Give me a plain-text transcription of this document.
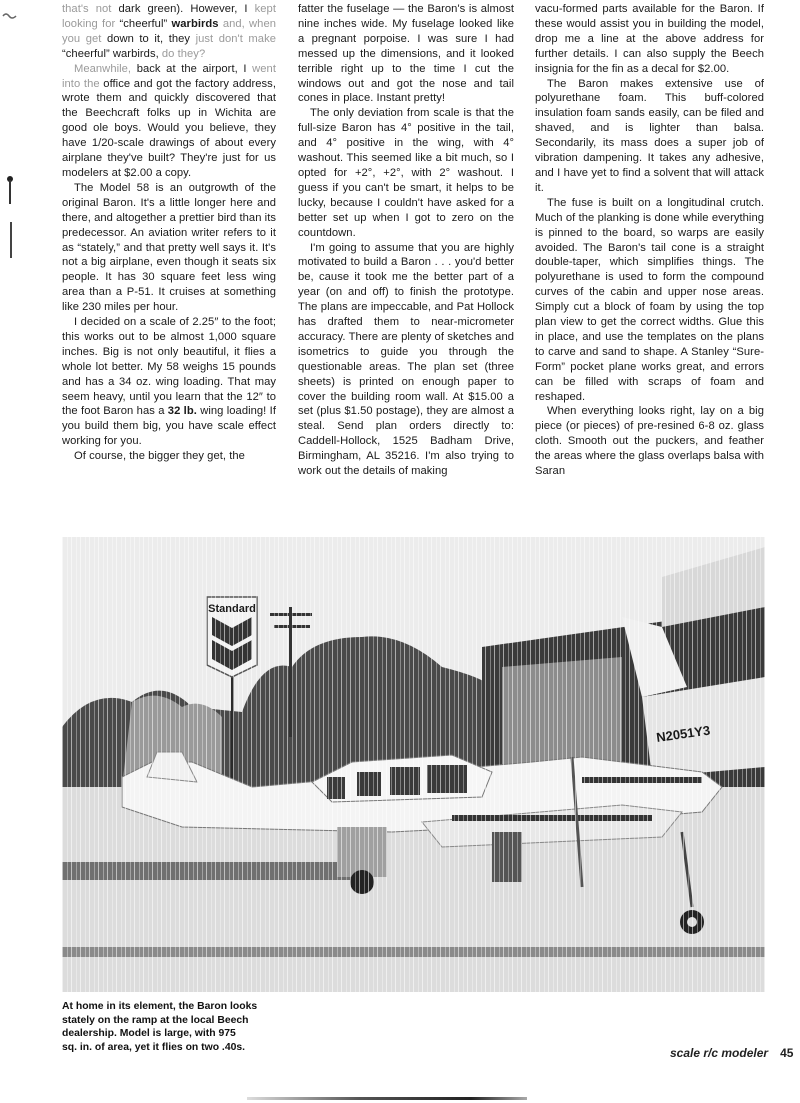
that's not dark green). However, I kept looking for “cheerful” warbirds and, when you get down to it, they just don't make “cheerful” warbirds, do they?

Meanwhile, back at the airport, I went into the office and got the factory address, wrote them and quickly discovered that the Beechcraft folks up in Wichita are good ole boys. Would you believe, they have 1/20-scale drawings of about every airplane they've built? They're just for us modelers at $2.00 a copy.

The Model 58 is an outgrowth of the original Baron. It's a little longer here and there, and altogether a prettier bird than its predecessor. An aviation writer refers to it as “stately,” and that pretty well says it. It's not a big airplane, even though it seats six people. It has 30 square feet less wing area than a P-51. It cruises at something like 230 miles per hour.

I decided on a scale of 2.25″ to the foot; this works out to be almost 1,000 square inches. Big is not only beautiful, it flies a whole lot better. My 58 weighs 15 pounds and has a 34 oz. wing loading. That may seem heavy, until you learn that the 12″ to the foot Baron has a 32 lb. wing loading! If you build them big, you have scale effect working for you.

Of course, the bigger they get, the

fatter the fuselage — the Baron's is almost nine inches wide. My fuselage looked like a pregnant porpoise. I was sure I had messed up the dimensions, and it looked terrible right up to the time I cut the windows out and got the nose and tail cones in place. Instant pretty!

The only deviation from scale is that the full-size Baron has 4° positive in the tail, and 4° positive in the wing, with 4° washout. This seemed like a bit much, so I opted for +2°, +2°, with 2° washout. I guess if you can't be smart, it helps to be lucky, because I couldn't have asked for a better set up when I got to zero on the countdown.

I'm going to assume that you are highly motivated to build a Baron . . . you'd better be, cause it took me the better part of a year (on and off) to finish the prototype. The plans are impeccable, and Pat Hollock has drafted them to near-micrometer accuracy. There are plenty of sketches and isometrics to guide you through the questionable areas. The plan set (three sheets) is printed on enough paper to cover the building room wall. At $15.00 a set (plus $1.50 postage), they are almost a steal. Send plan orders directly to: Caddell-Hollock, 1525 Badham Drive, Birmingham, AL 35216. I'm also trying to work out the details of making

vacu-formed parts available for the Baron. If these would assist you in building the model, drop me a line at the above address for further details. I can also supply the Beech insignia for the fin as a decal for $2.00.

The Baron makes extensive use of polyurethane foam. This buff-colored insulation foam sands easily, can be filed and shaved, and is lighter than balsa. Secondarily, its mass does a super job of vibration dampening. It takes any adhesive, and I have yet to find a solvent that will attack it.

The fuse is built on a longitudinal crutch. Much of the planking is done while everything is pinned to the board, so warps are easily avoided. The Baron's tail cone is a straight double-taper, which simplifies things. The polyurethane is used to form the compound curves of the cabin and upper nose areas. Simply cut a block of foam by using the top plan view to get the correct widths. Glue this in place, and use the templates on the plans to carve and sand to shape. A Stanley “Sure-Form” pocket plane works great, and errors can be filled with scraps of foam and reshaped.

When everything looks right, lay on a big piece (or pieces) of pre-resined 6-8 oz. glass cloth. Smooth out the puckers, and feather the areas where the glass overlaps balsa with Saran

Standard
N2051Y3
At home in its element, the Baron looks
stately on the ramp at the local Beech
dealership. Model is large, with 975
sq. in. of area, yet it flies on two .40s.	scale r/c modeler 45
